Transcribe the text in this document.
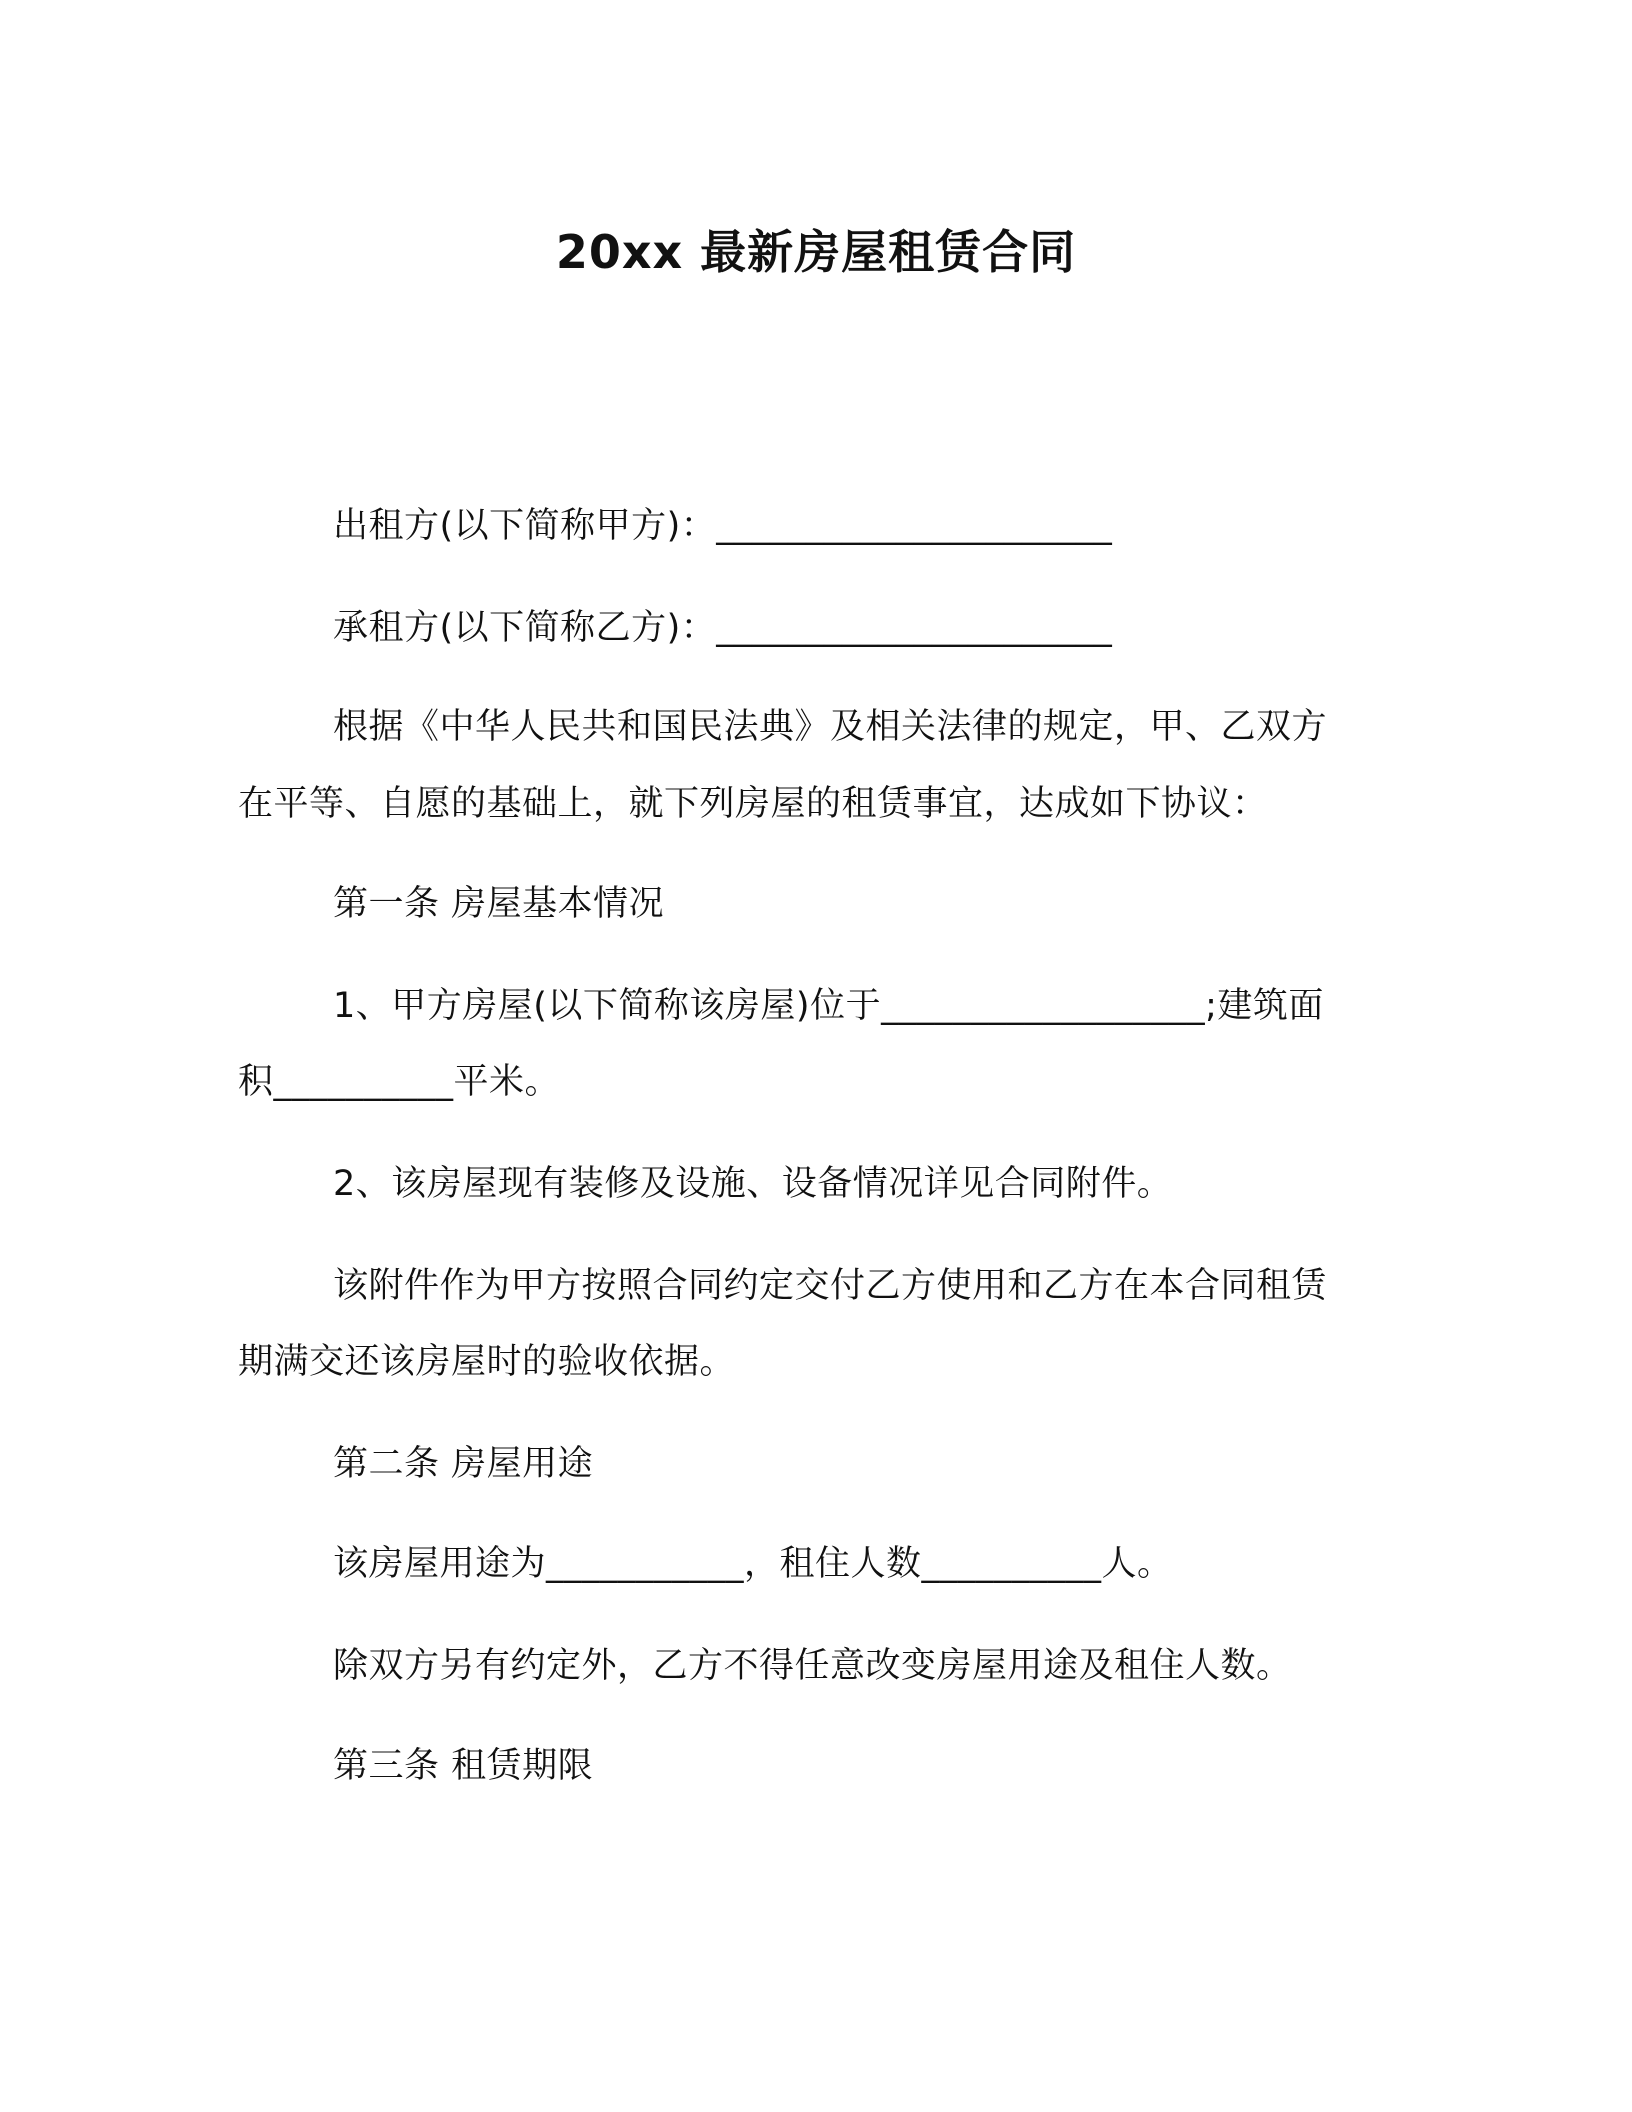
20xx 最新房屋租赁合同
出租方(以下简称甲方)：______________________
承租方(以下简称乙方)：______________________
根据《中华人民共和国民法典》及相关法律的规定，甲、乙双方
在平等、自愿的基础上，就下列房屋的租赁事宜，达成如下协议：
第一条 房屋基本情况
1、甲方房屋(以下简称该房屋)位于__________________;建筑面
积__________平米。
2、该房屋现有装修及设施、设备情况详见合同附件。
该附件作为甲方按照合同约定交付乙方使用和乙方在本合同租赁
期满交还该房屋时的验收依据。
第二条 房屋用途
该房屋用途为___________，租住人数__________人。
除双方另有约定外，乙方不得任意改变房屋用途及租住人数。
第三条 租赁期限
